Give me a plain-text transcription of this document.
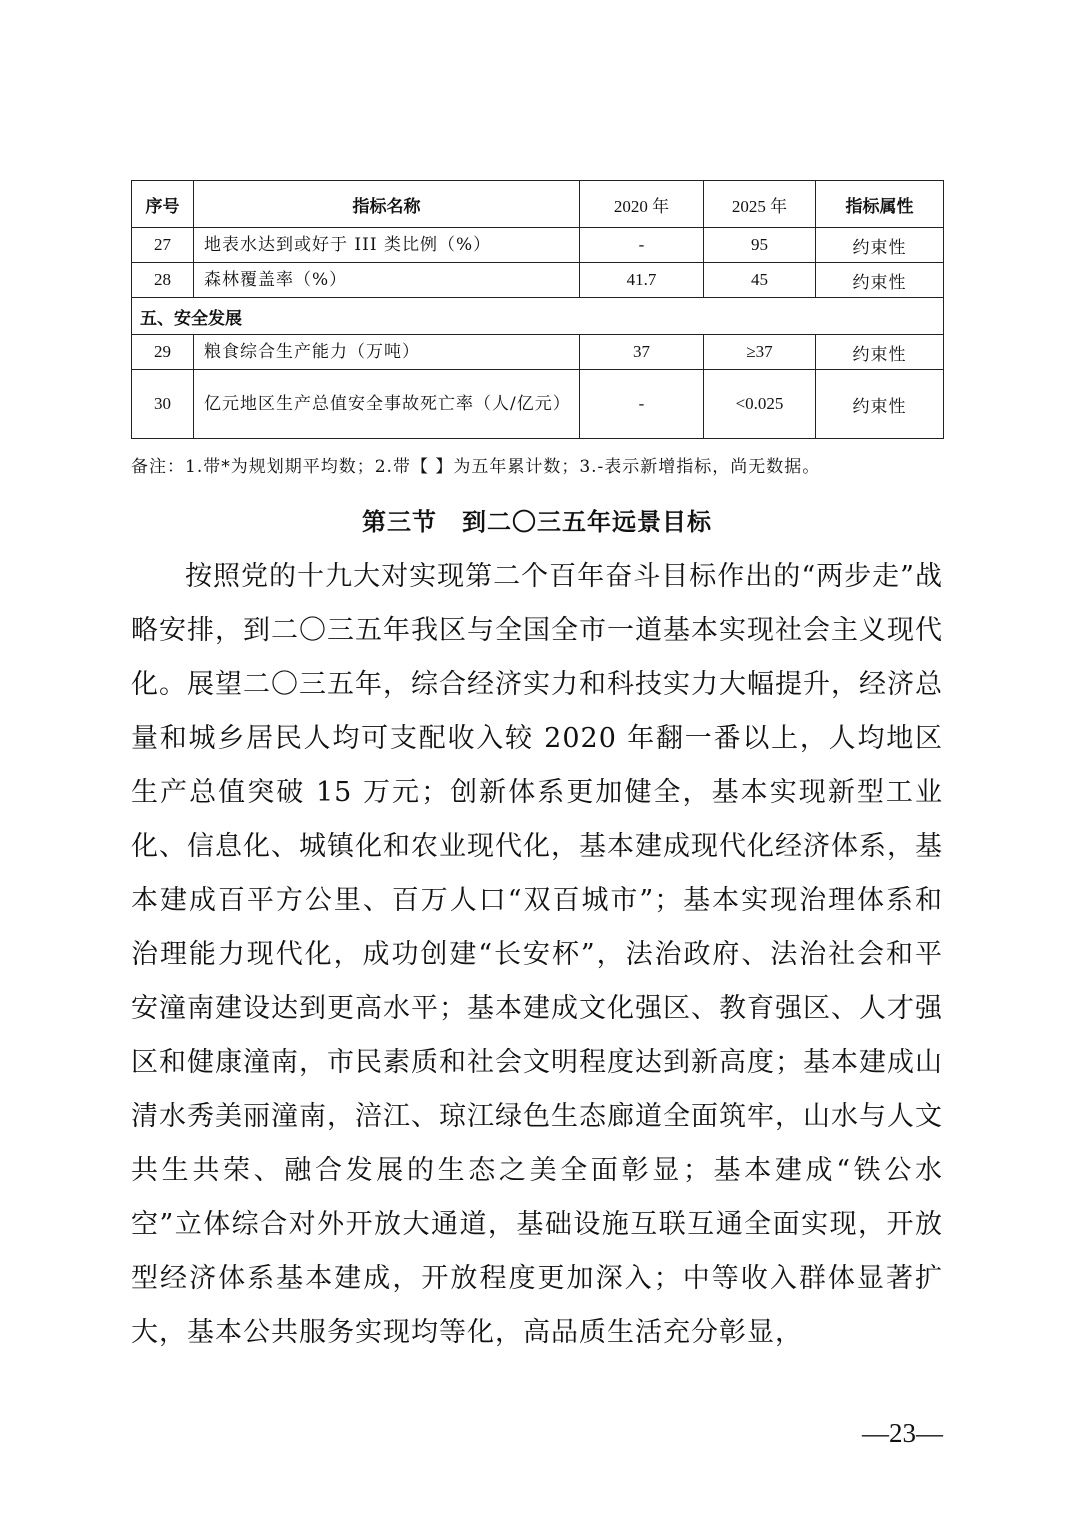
序号	指标名称	2020 年	2025 年	指标属性
27	地表水达到或好于 III 类比例（%）	-	95	约束性
28	森林覆盖率（%）	41.7	45	约束性
五、安全发展				
29	粮食综合生产能力（万吨）	37	≥37	约束性
30	亿元地区生产总值安全事故死亡率（人/亿元）	-	<0.025	约束性
备注：1.带*为规划期平均数；2.带【 】为五年累计数；3.-表示新增指标，尚无数据。
第三节　到二〇三五年远景目标

按照党的十九大对实现第二个百年奋斗目标作出的“两步走”战略安排，到二〇三五年我区与全国全市一道基本实现社会主义现代化。展望二〇三五年，综合经济实力和科技实力大幅提升，经济总量和城乡居民人均可支配收入较 2020 年翻一番以上，人均地区生产总值突破 15 万元；创新体系更加健全，基本实现新型工业化、信息化、城镇化和农业现代化，基本建成现代化经济体系，基本建成百平方公里、百万人口“双百城市”；基本实现治理体系和治理能力现代化，成功创建“长安杯”，法治政府、法治社会和平安潼南建设达到更高水平；基本建成文化强区、教育强区、人才强区和健康潼南，市民素质和社会文明程度达到新高度；基本建成山清水秀美丽潼南，涪江、琼江绿色生态廊道全面筑牢，山水与人文共生共荣、融合发展的生态之美全面彰显；基本建成“铁公水空”立体综合对外开放大通道，基础设施互联互通全面实现，开放型经济体系基本建成，开放程度更加深入；中等收入群体显著扩大，基本公共服务实现均等化，高品质生活充分彰显，

—23—
